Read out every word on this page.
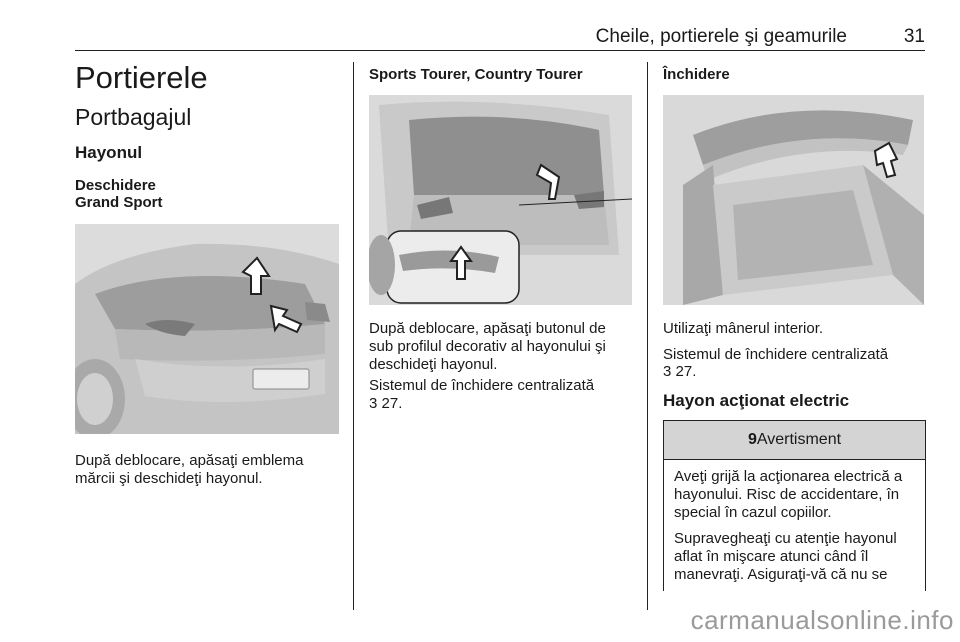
Cheile, portierele şi geamurile	31
Portierele
Portbagajul
Hayonul
Deschidere
Grand Sport
După deblocare, apăsaţi emblema mărcii şi deschideţi hayonul.
Sports Tourer, Country Tourer
După deblocare, apăsaţi butonul de sub profilul decorativ al hayonului şi deschideţi hayonul.
Sistemul de închidere centralizată
3 27.
Închidere
Utilizaţi mânerul interior.
Sistemul de închidere centralizată
3 27.
Hayon acţionat electric
9Avertisment
Aveţi grijă la acţionarea electrică a hayonului. Risc de accidentare, în special în cazul copiilor.
Supravegheaţi cu atenţie hayonul aflat în mişcare atunci când îl manevraţi. Asiguraţi-vă că nu se
carmanualsonline.info
